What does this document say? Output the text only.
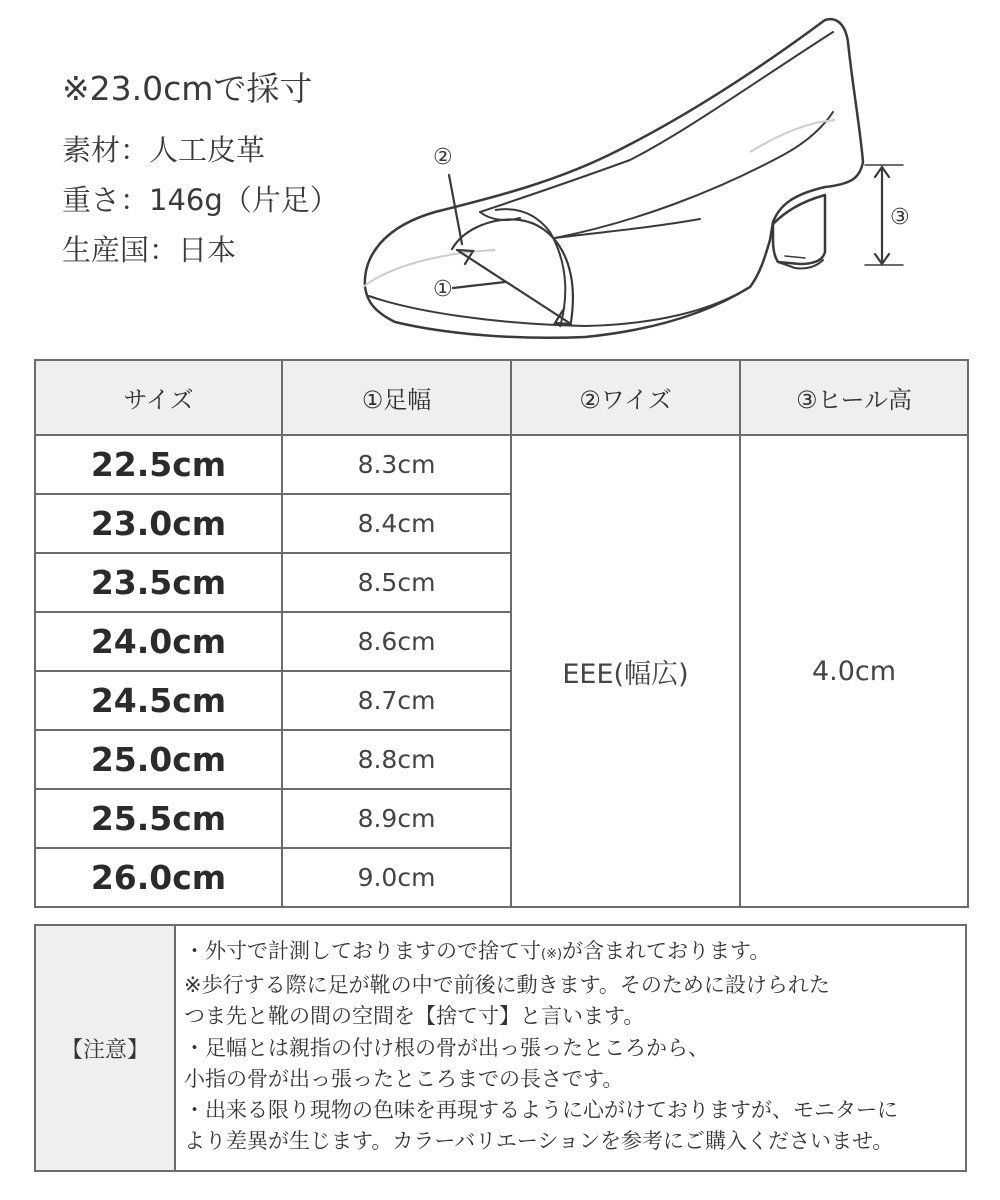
※23.0cmで採寸
素材：人工皮革
重さ：146g（片足）
生産国：日本
①
②
③
サイズ	①足幅	②ワイズ	③ヒール高
22.5cm	8.3cm	EEE(幅広)	4.0cm
23.0cm	8.4cm		
23.5cm	8.5cm		
24.0cm	8.6cm		
24.5cm	8.7cm		
25.0cm	8.8cm		
25.5cm	8.9cm		
26.0cm	9.0cm		
【注意】
・外寸で計測しておりますので捨て寸(※)が含まれております。
※歩行する際に足が靴の中で前後に動きます。そのために設けられた
つま先と靴の間の空間を【捨て寸】と言います。
・足幅とは親指の付け根の骨が出っ張ったところから、
小指の骨が出っ張ったところまでの長さです。
・出来る限り現物の色味を再現するように心がけておりますが、モニターに
より差異が生じます。カラーバリエーションを参考にご購入くださいませ。
